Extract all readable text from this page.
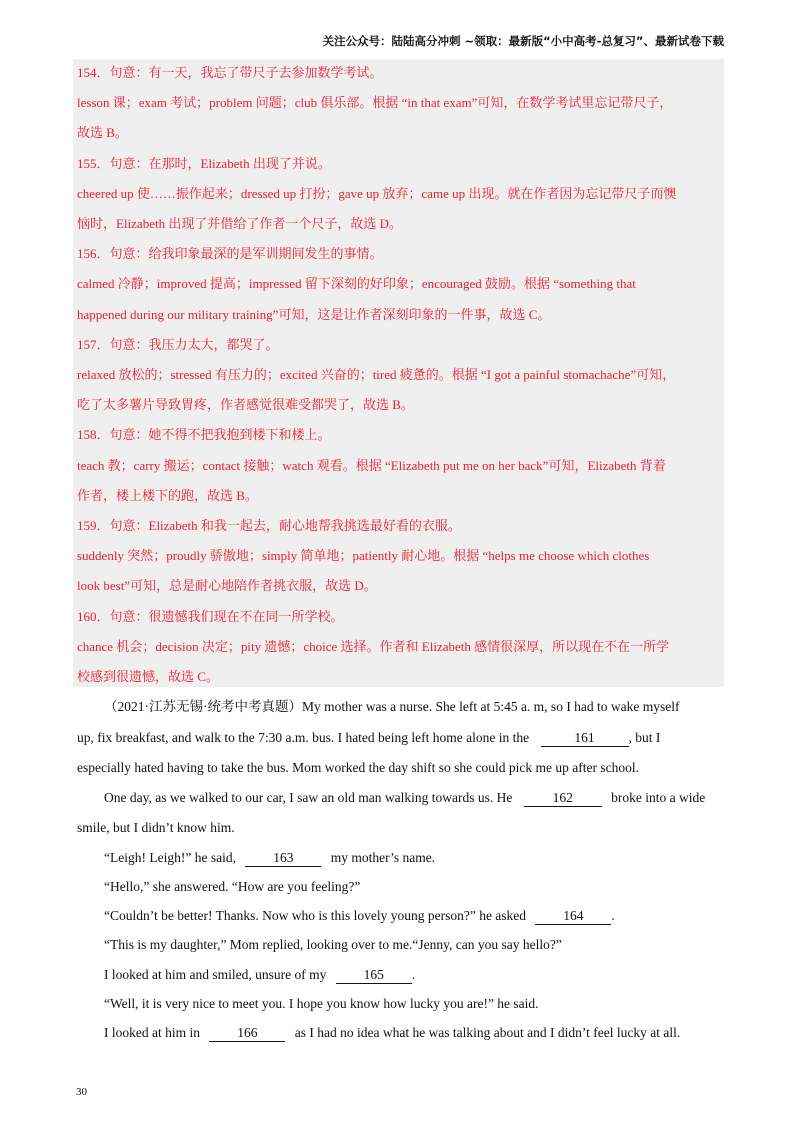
关注公众号：陆陆高分冲刺 ~领取：最新版“小中高考-总复习”、最新试卷下载
154．句意：有一天，我忘了带尺子去参加数学考试。
lesson 课；exam 考试；problem 问题；club 俱乐部。根据 “in that exam”可知，在数学考试里忘记带尺子，
故选 B。
155．句意：在那时，Elizabeth 出现了并说。
cheered up 使……振作起来；dressed up 打扮；gave up 放弃；came up 出现。就在作者因为忘记带尺子而懊
恼时，Elizabeth 出现了并借给了作者一个尺子，故选 D。
156．句意：给我印象最深的是军训期间发生的事情。
calmed 冷静；improved 提高；impressed 留下深刻的好印象；encouraged 鼓励。根据 “something that
happened during our military training”可知，这是让作者深刻印象的一件事，故选 C。
157．句意：我压力太大，都哭了。
relaxed 放松的；stressed 有压力的；excited 兴奋的；tired 疲惫的。根据 “I got a painful stomachache”可知，
吃了太多薯片导致胃疼，作者感觉很难受都哭了，故选 B。
158．句意：她不得不把我抱到楼下和楼上。
teach 教；carry 搬运；contact 接触；watch 观看。根据 “Elizabeth put me on her back”可知，Elizabeth 背着
作者，楼上楼下的跑，故选 B。
159．句意：Elizabeth 和我一起去，耐心地帮我挑选最好看的衣服。
suddenly 突然；proudly 骄傲地；simply 简单地；patiently 耐心地。根据 “helps me choose which clothes
look best”可知，总是耐心地陪作者挑衣服，故选 D。
160．句意：很遗憾我们现在不在同一所学校。
chance 机会；decision 决定；pity 遗憾；choice 选择。作者和 Elizabeth 感情很深厚，所以现在不在一所学
校感到很遗憾，故选 C。
（2021·江苏无锡·统考中考真题）My mother was a nurse. She left at 5:45 a. m, so I had to wake myself
up, fix breakfast, and walk to the 7:30 a.m. bus. I hated being left home alone in the	161	, but I
especially hated having to take the bus. Mom worked the day shift so she could pick me up after school.
One day, as we walked to our car, I saw an old man walking towards us. He	162	broke into a wide
smile, but I didn’t know him.
“Leigh! Leigh!” he said,	163	my mother’s name.
“Hello,” she answered. “How are you feeling?”
“Couldn’t be better! Thanks. Now who is this lovely young person?” he asked	164 .
“This is my daughter,” Mom replied, looking over to me.“Jenny, can you say hello?”
I looked at him and smiled, unsure of my	165 .
“Well, it is very nice to meet you. I hope you know how lucky you are!” he said.
I looked at him in	166	as I had no idea what he was talking about and I didn’t feel lucky at all.
30
